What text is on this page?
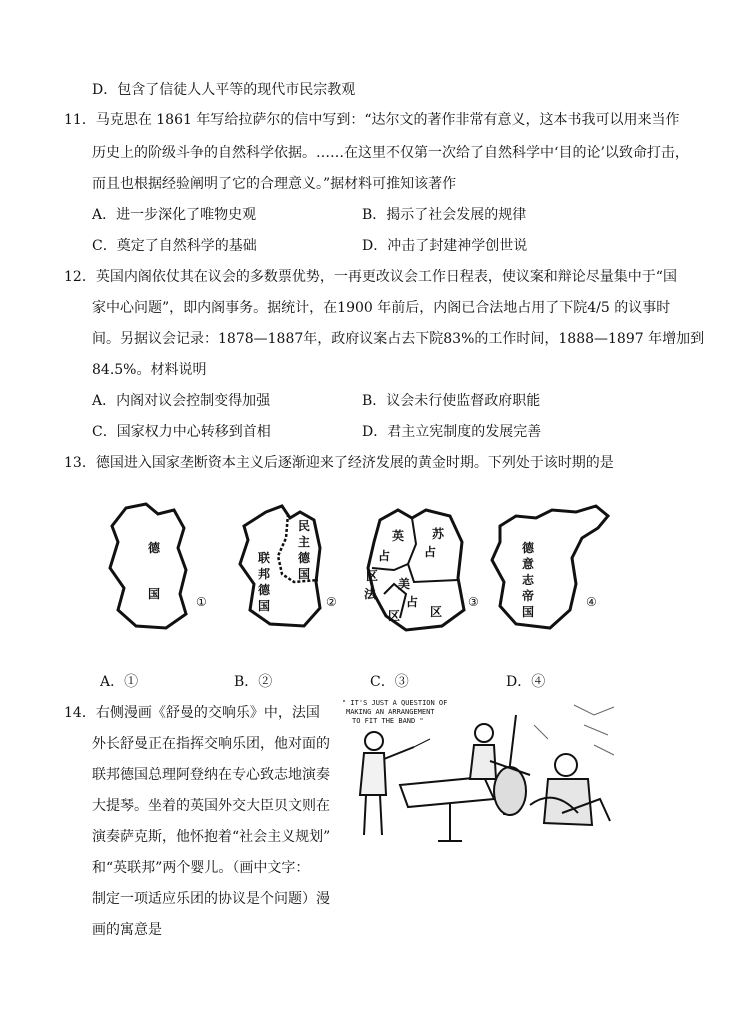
D．包含了信徒人人平等的现代市民宗教观
11．马克思在 1861 年写给拉萨尔的信中写到：“达尔文的著作非常有意义，这本书我可以用来当作
历史上的阶级斗争的自然科学依据。……在这里不仅第一次给了自然科学中‘目的论’以致命打击，
而且也根据经验阐明了它的合理意义。”据材料可推知该著作
A．进一步深化了唯物史观	B．揭示了社会发展的规律
C．奠定了自然科学的基础	D．冲击了封建神学创世说
12．英国内阁依仗其在议会的多数票优势，一再更改议会工作日程表，使议案和辩论尽量集中于“国
家中心问题”，即内阁事务。据统计，在1900 年前后，内阁已合法地占用了下院4/5 的议事时
间。另据议会记录：1878—1887年，政府议案占去下院83%的工作时间，1888—1897 年增加到
84.5%。材料说明
A．内阁对议会控制变得加强	B．议会未行使监督政府职能
C．国家权力中心转移到首相	D．君主立宪制度的发展完善
13．德国进入国家垄断资本主义后逐渐迎来了经济发展的黄金时期。下列处于该时期的是
德
国
①
民
主
德
国
联
邦
德
国	②
英
占
区
法
美
占
区
苏
占
区
③
德
意
志
帝
国
④
A．①	B．②	C．③	D．④
14．右侧漫画《舒曼的交响乐》中，法国
外长舒曼正在指挥交响乐团，他对面的
联邦德国总理阿登纳在专心致志地演奏
大提琴。坐着的英国外交大臣贝文则在
演奏萨克斯，他怀抱着“社会主义规划”
和“英联邦”两个婴儿。（画中文字：
制定一项适应乐团的协议是个问题）漫
画的寓意是
" IT'S JUST A QUESTION OF
MAKING AN ARRANGEMENT
TO FIT THE BAND "
